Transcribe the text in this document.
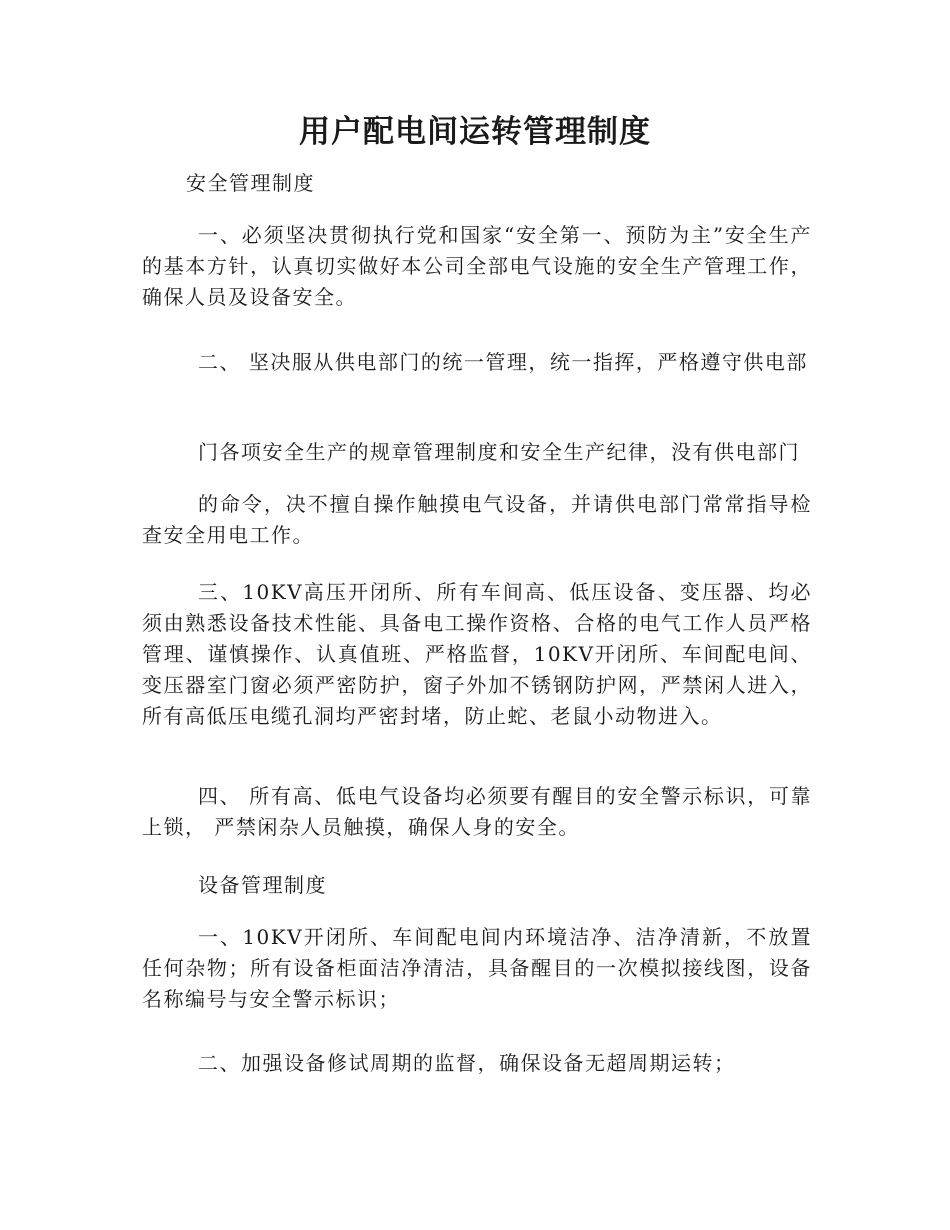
用户配电间运转管理制度

安全管理制度

一、必须坚决贯彻执行党和国家“安全第一、预防为主”安全生产的基本方针，认真切实做好本公司全部电气设施的安全生产管理工作，确保人员及设备安全。

二、 坚决服从供电部门的统一管理，统一指挥，严格遵守供电部

门各项安全生产的规章管理制度和安全生产纪律，没有供电部门

的命令，决不擅自操作触摸电气设备，并请供电部门常常指导检查安全用电工作。

三、10KV高压开闭所、所有车间高、低压设备、变压器、均必须由熟悉设备技术性能、具备电工操作资格、合格的电气工作人员严格管理、谨慎操作、认真值班、严格监督，10KV开闭所、车间配电间、变压器室门窗必须严密防护，窗子外加不锈钢防护网，严禁闲人进入，所有高低压电缆孔洞均严密封堵，防止蛇、老鼠小动物进入。

四、 所有高、低电气设备均必须要有醒目的安全警示标识，可靠上锁， 严禁闲杂人员触摸，确保人身的安全。

设备管理制度

一、10KV开闭所、车间配电间内环境洁净、洁净清新，不放置任何杂物；所有设备柜面洁净清洁，具备醒目的一次模拟接线图，设备名称编号与安全警示标识；

二、加强设备修试周期的监督，确保设备无超周期运转；
